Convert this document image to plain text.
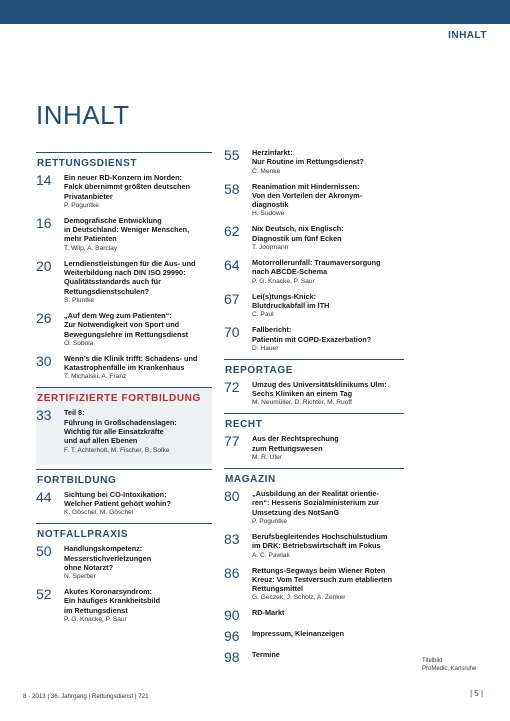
INHALT
INHALT
RETTUNGSDIENST
14	Ein neuer RD-Konzern im Norden:
Falck übernimmt größten deutschen Privatanbieter
P. Poguntke
16	Demografische Entwicklung
in Deutschland: Weniger Menschen,
mehr Patienten
T. Wilp, A. Barclay
20	Lerndienstleistungen für die Aus- und Weiterbildung nach DIN ISO 29990: Qualitätsstandards auch für Rettungsdienstschulen?
S. Pluntke
26	„Auf dem Weg zum Patienten“:
Zur Notwendigkeit von Sport und
Bewegungslehre im Rettungsdienst
O. Sobola
30	Wenn’s die Klinik trifft: Schadens- und Katastrophenfälle im Krankenhaus
T. Michalski, A. Franz
ZERTIFIZIERTE FORTBILDUNG
33	Teil 8:
Führung in Großschadenslagen:
Wichtig für alle Einsatzkräfte
und auf allen Ebenen
F. T. Achterholt, M. Fischer, B. Solke
FORTBILDUNG
44	Sichtung bei CO-Intoxikation:
Welcher Patient gehört wohin?
K. Göschel, M. Göschel
NOTFALLPRAXIS
50	Handlungskompetenz:
Messerstichverletzungen
ohne Notarzt?
N. Sperber
52	Akutes Koronarsyndrom:
Ein häufiges Krankheitsbild
im Rettungsdienst
P. G. Knacke, P. Saur
55	Herzinfarkt:
Nur Routine im Rettungsdienst?
C. Menke
58	Reanimation mit Hindernissen:
Von den Vorteilen der Akronym-
diagnostik
H. Sudowe
62	Nix Deutsch, nix Englisch:
Diagnostik um fünf Ecken
T. Joormann
64	Motorrollerunfall: Traumaversorgung
nach ABCDE-Schema
P. G. Knacke, P. Saur
67	Lei(s)tungs-Knick:
Blutdruckabfall im ITH
C. Paul
70	Fallbericht:
Patientin mit COPD-Exazerbation?
D. Hauer
REPORTAGE
72	Umzug des Universitätsklinikums Ulm:
Sechs Kliniken an einem Tag
M. Neumüller, D. Richter, M. Ruoff
RECHT
77	Aus der Rechtsprechung
zum Rettungswesen
M. R. Ufer
MAGAZIN
80	„Ausbildung an der Realität orientie-
ren“: Hessens Sozialministerium zur
Umsetzung des NotSanG
P. Poguntke
83	Berufsbegleitendes Hochschulstudium
im DRK: Betriebswirtschaft im Fokus
A. C. Pawlak
86	Rettungs-Segways beim Wiener Roten
Kreuz: Vom Testversuch zum etablierten
Rettungsmittel
G. Geczek, J. Scholz, A. Zenker
90	RD-Markt
96	Impressum, Kleinanzeigen
98	Termine
Titelbild
ProMedic, Karlsruhe
8 · 2013 | 36. Jahrgang | Rettungsdienst | 721	| 5 |
